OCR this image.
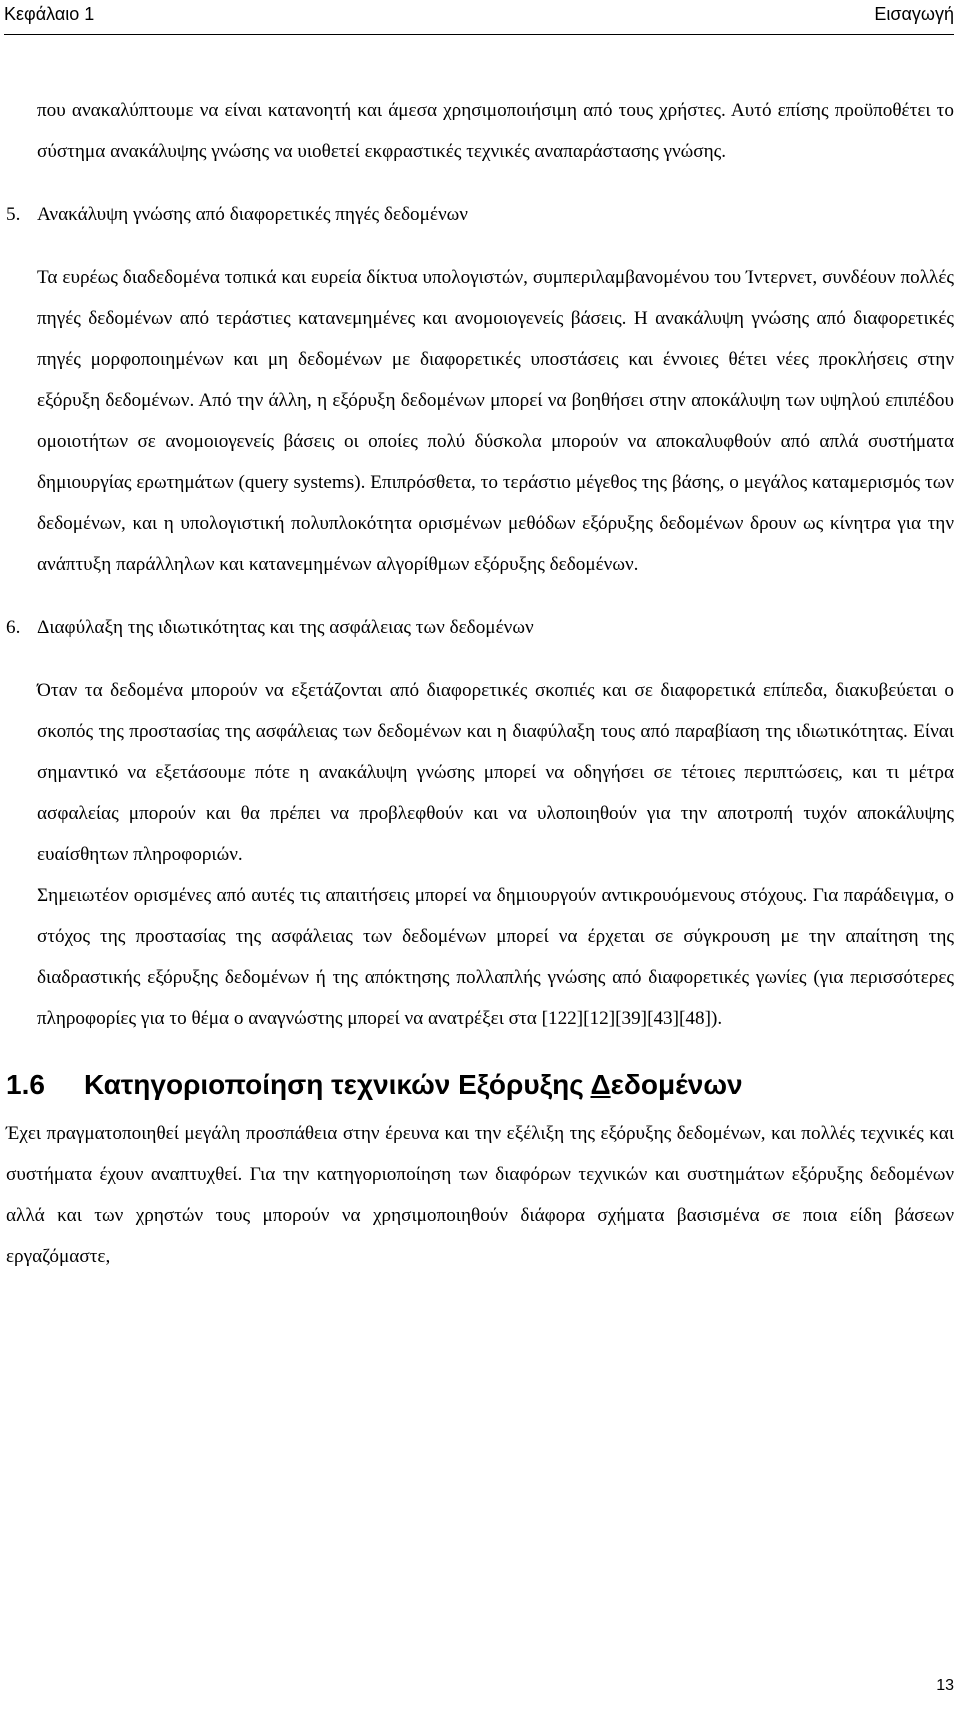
Κεφάλαιο 1	Εισαγωγή

που ανακαλύπτουμε να είναι κατανοητή και άμεσα χρησιμοποιήσιμη από τους χρήστες. Αυτό επίσης προϋποθέτει το σύστημα ανακάλυψης γνώσης να υιοθετεί εκφραστικές τεχνικές αναπαράστασης γνώσης.

5. Ανακάλυψη γνώσης από διαφορετικές πηγές δεδομένων

Τα ευρέως διαδεδομένα τοπικά και ευρεία δίκτυα υπολογιστών, συμπεριλαμβανομένου του Ίντερνετ, συνδέουν πολλές πηγές δεδομένων από τεράστιες κατανεμημένες και ανομοιογενείς βάσεις. Η ανακάλυψη γνώσης από διαφορετικές πηγές μορφοποιημένων και μη δεδομένων με διαφορετικές υποστάσεις και έννοιες θέτει νέες προκλήσεις στην εξόρυξη δεδομένων. Από την άλλη, η εξόρυξη δεδομένων μπορεί να βοηθήσει στην αποκάλυψη των υψηλού επιπέδου ομοιοτήτων σε ανομοιογενείς βάσεις οι οποίες πολύ δύσκολα μπορούν να αποκαλυφθούν από απλά συστήματα δημιουργίας ερωτημάτων (query systems). Επιπρόσθετα, το τεράστιο μέγεθος της βάσης, ο μεγάλος καταμερισμός των δεδομένων, και η υπολογιστική πολυπλοκότητα ορισμένων μεθόδων εξόρυξης δεδομένων δρουν ως κίνητρα για την ανάπτυξη παράλληλων και κατανεμημένων αλγορίθμων εξόρυξης δεδομένων.

6. Διαφύλαξη της ιδιωτικότητας και της ασφάλειας των δεδομένων

Όταν τα δεδομένα μπορούν να εξετάζονται από διαφορετικές σκοπιές και σε διαφορετικά επίπεδα, διακυβεύεται ο σκοπός της προστασίας της ασφάλειας των δεδομένων και η διαφύλαξη τους από παραβίαση της ιδιωτικότητας. Είναι σημαντικό να εξετάσουμε πότε η ανακάλυψη γνώσης μπορεί να οδηγήσει σε τέτοιες περιπτώσεις, και τι μέτρα ασφαλείας μπορούν και θα πρέπει να προβλεφθούν και να υλοποιηθούν για την αποτροπή τυχόν αποκάλυψης ευαίσθητων πληροφοριών.

Σημειωτέον ορισμένες από αυτές τις απαιτήσεις μπορεί να δημιουργούν αντικρουόμενους στόχους. Για παράδειγμα, ο στόχος της προστασίας της ασφάλειας των δεδομένων μπορεί να έρχεται σε σύγκρουση με την απαίτηση της διαδραστικής εξόρυξης δεδομένων ή της απόκτησης πολλαπλής γνώσης από διαφορετικές γωνίες (για περισσότερες πληροφορίες για το θέμα ο αναγνώστης μπορεί να ανατρέξει στα [122][12][39][43][48]).

1.6 Κατηγοριοποίηση τεχνικών Εξόρυξης Δεδομένων

Έχει πραγματοποιηθεί μεγάλη προσπάθεια στην έρευνα και την εξέλιξη της εξόρυξης δεδομένων, και πολλές τεχνικές και συστήματα έχουν αναπτυχθεί. Για την κατηγοριοποίηση των διαφόρων τεχνικών και συστημάτων εξόρυξης δεδομένων αλλά και των χρηστών τους μπορούν να χρησιμοποιηθούν διάφορα σχήματα βασισμένα σε ποια είδη βάσεων εργαζόμαστε,

13
